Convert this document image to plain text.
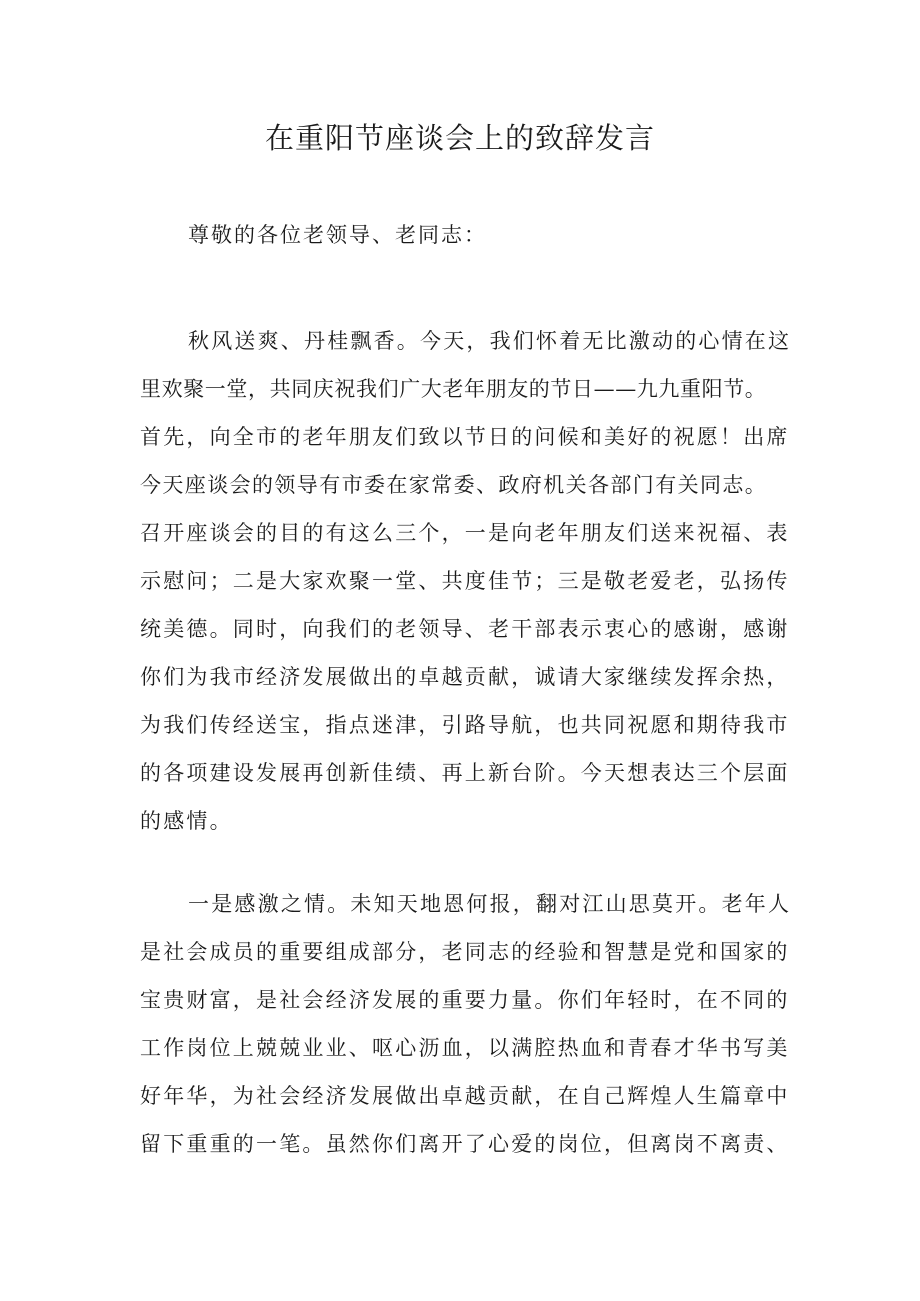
在重阳节座谈会上的致辞发言

尊敬的各位老领导、老同志：

秋风送爽、丹桂飘香。今天，我们怀着无比激动的心情在这
里欢聚一堂，共同庆祝我们广大老年朋友的节日——九九重阳节。
首先，向全市的老年朋友们致以节日的问候和美好的祝愿！出席
今天座谈会的领导有市委在家常委、政府机关各部门有关同志。
召开座谈会的目的有这么三个，一是向老年朋友们送来祝福、表
示慰问；二是大家欢聚一堂、共度佳节；三是敬老爱老，弘扬传
统美德。同时，向我们的老领导、老干部表示衷心的感谢，感谢
你们为我市经济发展做出的卓越贡献，诚请大家继续发挥余热，
为我们传经送宝，指点迷津，引路导航，也共同祝愿和期待我市
的各项建设发展再创新佳绩、再上新台阶。今天想表达三个层面
的感情。
一是感激之情。未知天地恩何报，翻对江山思莫开。老年人
是社会成员的重要组成部分，老同志的经验和智慧是党和国家的
宝贵财富，是社会经济发展的重要力量。你们年轻时，在不同的
工作岗位上兢兢业业、呕心沥血，以满腔热血和青春才华书写美
好年华，为社会经济发展做出卓越贡献，在自己辉煌人生篇章中
留下重重的一笔。虽然你们离开了心爱的岗位，但离岗不离责、
